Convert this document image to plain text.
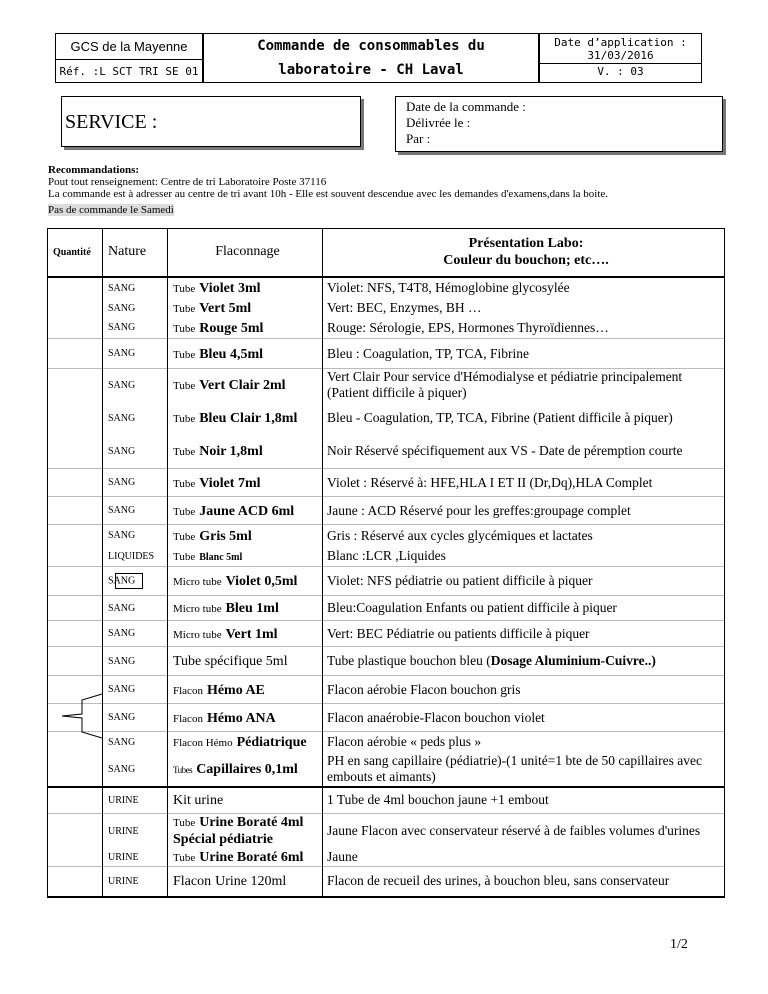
GCS de la Mayenne
Réf. :L SCT TRI SE 01
Commande de consommables du
laboratoire - CH Laval
Date d’application :
31/03/2016
V. : 03
SERVICE :
Date de la commande :
Délivrée le :
Par :

Recommandations:

Pout tout renseignement: Centre de tri Laboratoire Poste 37116

La commande est à adresser au centre de tri avant 10h - Elle est souvent descendue avec les demandes d'examens,dans la boite.

Pas de commande le Samedi

Quantité	Nature	Flaconnage	Présentation Labo:
Couleur du bouchon; etc….

	SANG	Tube Violet 3ml	Violet: NFS, T4T8, Hémoglobine glycosylée
	SANG	Tube Vert 5ml	Vert: BEC, Enzymes, BH …
	SANG	Tube Rouge 5ml	Rouge: Sérologie, EPS, Hormones Thyroïdiennes…
	SANG	Tube Bleu 4,5ml	Bleu : Coagulation, TP, TCA, Fibrine
	SANG	Tube Vert Clair 2ml	Vert Clair Pour service d'Hémodialyse et pédiatrie principalement (Patient difficile à piquer)
	SANG	Tube Bleu Clair 1,8ml	Bleu - Coagulation, TP, TCA, Fibrine (Patient difficile à piquer)
	SANG	Tube Noir 1,8ml	Noir Réservé spécifiquement aux VS - Date de péremption courte
	SANG	Tube Violet 7ml	Violet : Réservé à: HFE,HLA I ET II (Dr,Dq),HLA Complet
	SANG	Tube Jaune ACD 6ml	Jaune : ACD Réservé pour les greffes:groupage complet
	SANG	Tube Gris 5ml	Gris : Réservé aux cycles glycémiques et lactates
	LIQUIDES	Tube Blanc 5ml	Blanc :LCR ,Liquides
	SANG	Micro tube Violet 0,5ml	Violet: NFS pédiatrie ou patient difficile à piquer
	SANG	Micro tube Bleu 1ml	Bleu:Coagulation Enfants ou patient difficile à piquer
	SANG	Micro tube Vert 1ml	Vert: BEC Pédiatrie ou patients difficile à piquer
	SANG	Tube spécifique 5ml	Tube plastique bouchon bleu (Dosage Aluminium-Cuivre..)
	SANG	Flacon Hémo AE	Flacon aérobie Flacon bouchon gris
	SANG	Flacon Hémo ANA	Flacon anaérobie-Flacon bouchon violet
	SANG	Flacon Hémo Pédiatrique	Flacon aérobie « peds plus »
	SANG	Tubes Capillaires 0,1ml	PH en sang capillaire (pédiatrie)-(1 unité=1 bte de 50 capillaires avec embouts et aimants)
	URINE	Kit urine	1 Tube de 4ml bouchon jaune +1 embout
	URINE	Tube Urine Boraté 4ml
Spécial pédiatrie	Jaune Flacon avec conservateur réservé à de faibles volumes d'urines
	URINE	Tube Urine Boraté 6ml	Jaune
	URINE	Flacon Urine 120ml	Flacon de recueil des urines, à bouchon bleu, sans conservateur
1/2
